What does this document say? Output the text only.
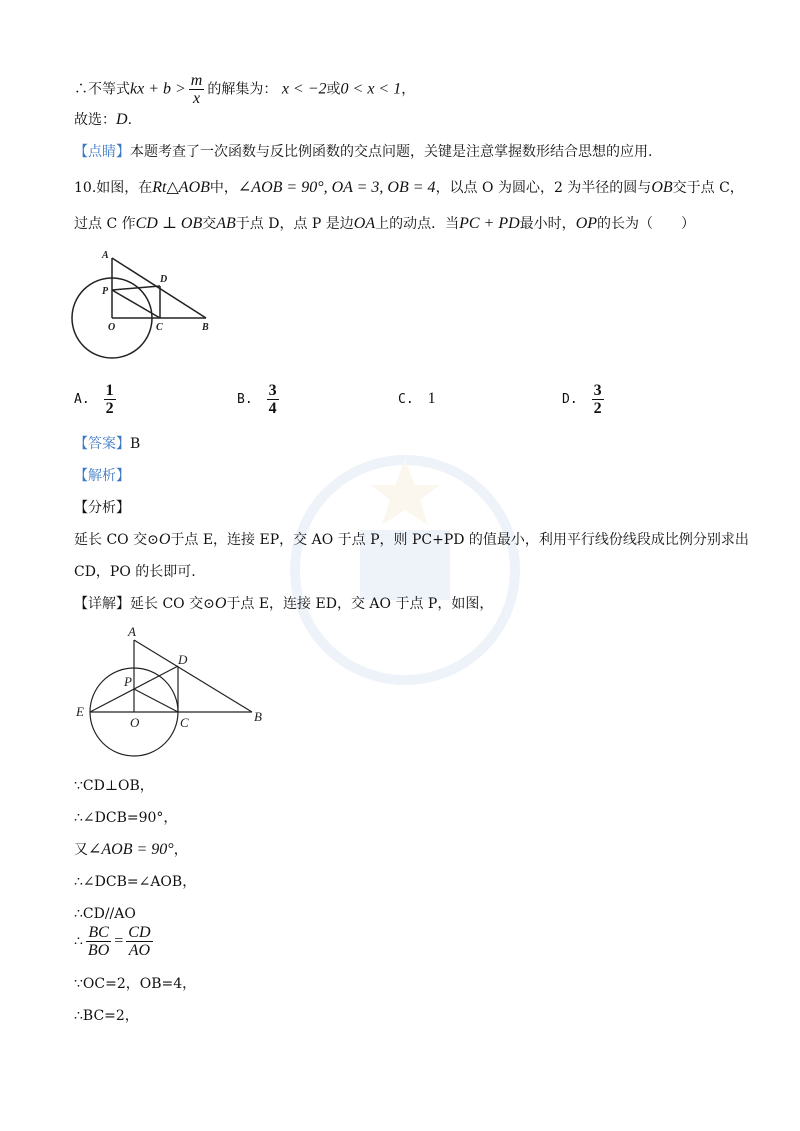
∴不等式kx + $b > \frac{m}{x}$ 的解集为： x < −2或0 < x < 1，
故选：D.
【点睛】本题考查了一次函数与反比例函数的交点问题，关键是注意掌握数形结合思想的应用.
10.如图，在Rt△AOB中，∠AOB = 90°, OA = 3, OB = 4，以点 O 为圆心，2 为半径的圆与OB交于点 C，
过点 C 作CD ⊥ OB交AB于点 D，点 P 是边OA上的动点．当PC + PD最小时，OP的长为（　　）
A
D
P
O	C	B
A. $\frac{1}{2}$	B. $\frac{3}{4}$	C. 1	D. $\frac{3}{2}$
【答案】B
【解析】
【分析】
延长 CO 交⊙O于点 E，连接 EP，交 AO 于点 P，则 PC+PD 的值最小，利用平行线份线段成比例分别求出
CD，PO 的长即可.
【详解】延长 CO 交⊙O于点 E，连接 ED，交 AO 于点 P，如图，
A
D
P
E
O	C	B
∵CD⊥OB，
∴∠DCB=90°，
又∠AOB = 90°，
∴∠DCB=∠AOB，
∴CD//AO
∴ $\frac{BC}{BO} = \frac{CD}{AO}$
∵OC=2，OB=4，
∴BC=2，
